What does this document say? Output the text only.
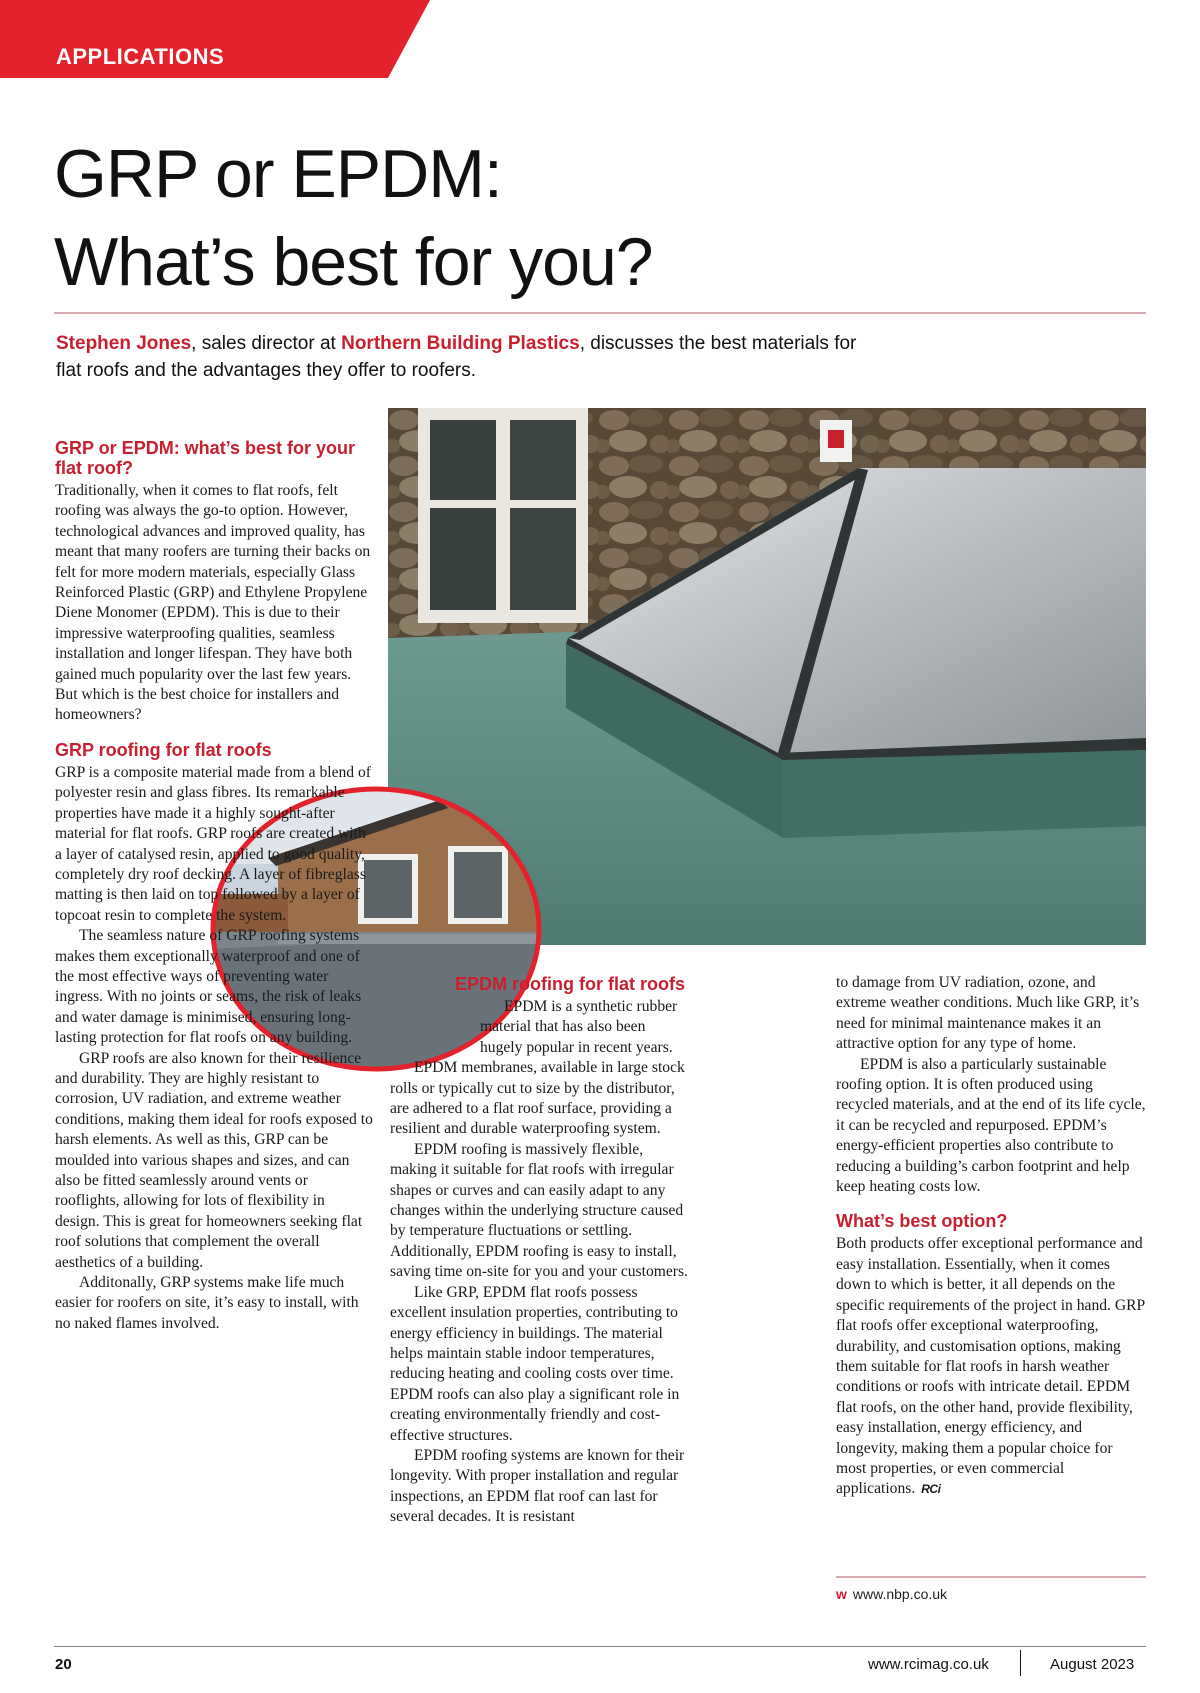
APPLICATIONS
GRP or EPDM:
What’s best for you?
Stephen Jones, sales director at Northern Building Plastics, discusses the best materials for flat roofs and the advantages they offer to roofers.
GRP or EPDM: what’s best for your flat roof?

Traditionally, when it comes to flat roofs, felt roofing was always the go-to option. However, technological advances and improved quality, has meant that many roofers are turning their backs on felt for more modern materials, especially Glass Reinforced Plastic (GRP) and Ethylene Propylene Diene Monomer (EPDM). This is due to their impressive waterproofing qualities, seamless installation and longer lifespan. They have both gained much popularity over the last few years. But which is the best choice for installers and homeowners?

GRP roofing for flat roofs

GRP is a composite material made from a blend of polyester resin and glass fibres. Its remarkable properties have made it a highly sought-after material for flat roofs. GRP roofs are created with a layer of catalysed resin, applied to good quality, completely dry roof decking. A layer of fibreglass matting is then laid on top followed by a layer of topcoat resin to complete the system.

The seamless nature of GRP roofing systems makes them exceptionally waterproof and one of the most effective ways of preventing water ingress. With no joints or seams, the risk of leaks and water damage is minimised, ensuring long-lasting protection for flat roofs on any building.

GRP roofs are also known for their resilience and durability. They are highly resistant to corrosion, UV radiation, and extreme weather conditions, making them ideal for roofs exposed to harsh elements. As well as this, GRP can be moulded into various shapes and sizes, and can also be fitted seamlessly around vents or rooflights, allowing for lots of flexibility in design. This is great for homeowners seeking flat roof solutions that complement the overall aesthetics of a building.

Additonally, GRP systems make life much easier for roofers on site, it’s easy to install, with no naked flames involved.

EPDM roofing for flat roofs

EPDM is a synthetic rubber material that has also been hugely popular in recent years.

EPDM membranes, available in large stock rolls or typically cut to size by the distributor, are adhered to a flat roof surface, providing a resilient and durable waterproofing system.

EPDM roofing is massively flexible, making it suitable for flat roofs with irregular shapes or curves and can easily adapt to any changes within the underlying structure caused by temperature fluctuations or settling. Additionally, EPDM roofing is easy to install, saving time on-site for you and your customers.

Like GRP, EPDM flat roofs possess excellent insulation properties, contributing to energy efficiency in buildings. The material helps maintain stable indoor temperatures, reducing heating and cooling costs over time. EPDM roofs can also play a significant role in creating environmentally friendly and cost-effective structures.

EPDM roofing systems are known for their longevity. With proper installation and regular inspections, an EPDM flat roof can last for several decades. It is resistant

to damage from UV radiation, ozone, and extreme weather conditions. Much like GRP, it’s need for minimal maintenance makes it an attractive option for any type of home.

EPDM is also a particularly sustainable roofing option. It is often produced using recycled materials, and at the end of its life cycle, it can be recycled and repurposed. EPDM’s energy-efficient properties also contribute to reducing a building’s carbon footprint and help keep heating costs low.

What’s best option?

Both products offer exceptional performance and easy installation. Essentially, when it comes down to which is better, it all depends on the specific requirements of the project in hand. GRP flat roofs offer exceptional waterproofing, durability, and customisation options, making them suitable for flat roofs in harsh weather conditions or roofs with intricate detail. EPDM flat roofs, on the other hand, provide flexibility, easy installation, energy efficiency, and longevity, making them a popular choice for most properties, or even commercial applications. RCi

w www.nbp.co.uk
20	www.rcimag.co.uk	August 2023
